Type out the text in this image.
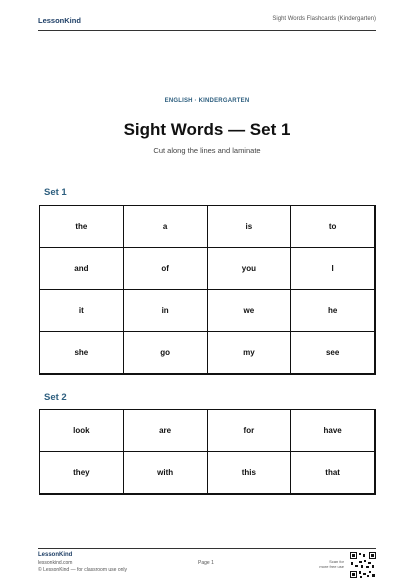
LessonKind	Sight Words Flashcards (Kindergarten)
ENGLISH · KINDERGARTEN
Sight Words — Set 1
Cut along the lines and laminate
Set 1
the	a	is	to
and	of	you	I
it	in	we	he
she	go	my	see
Set 2
look	are	for	have
they	with	this	that
LessonKind
lessonkind.com
© LessonKind — for classroom use only
Page 1	Scan for
more free use
